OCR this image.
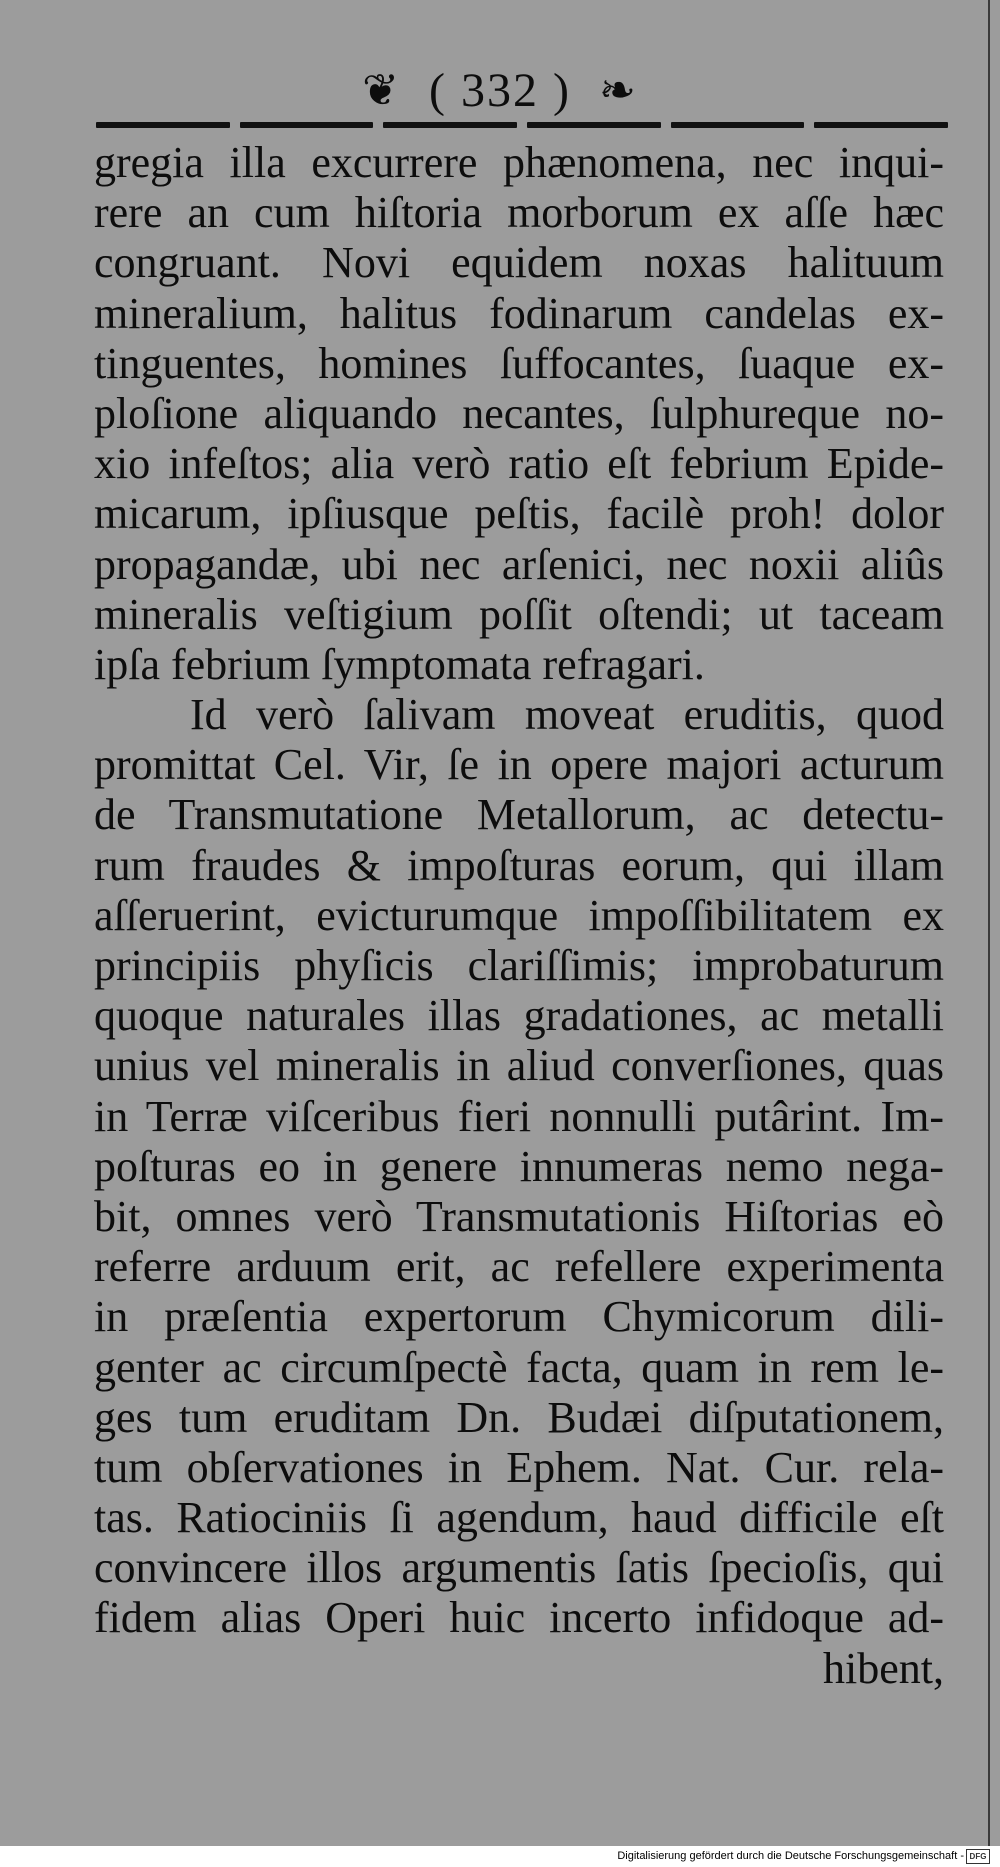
❦ ( 332 ) ❧
gregia illa excurrere phænomena, nec inqui-
rere an cum hiſtoria morborum ex aſſe hæc
congruant. Novi equidem noxas halituum
mineralium, halitus fodinarum candelas ex-
tinguentes, homines ſuffocantes, ſuaque ex-
ploſione aliquando necantes, ſulphureque no-
xio infeſtos; alia verò ratio eſt febrium Epide-
micarum, ipſiusque peſtis, facilè proh! dolor
propagandæ, ubi nec arſenici, nec noxii aliûs
mineralis veſtigium poſſit oſtendi; ut taceam
ipſa febrium ſymptomata refragari.
Id verò ſalivam moveat eruditis, quod
promittat Cel. Vir, ſe in opere majori acturum
de Transmutatione Metallorum, ac detectu-
rum fraudes & impoſturas eorum, qui illam
aſſeruerint, evicturumque impoſſibilitatem ex
principiis phyſicis clariſſimis; improbaturum
quoque naturales illas gradationes, ac metalli
unius vel mineralis in aliud converſiones, quas
in Terræ viſceribus fieri nonnulli putârint. Im-
poſturas eo in genere innumeras nemo nega-
bit, omnes verò Transmutationis Hiſtorias eò
referre arduum erit, ac refellere experimenta
in præſentia expertorum Chymicorum dili-
genter ac circumſpectè facta, quam in rem le-
ges tum eruditam Dn. Budæi diſputationem,
tum obſervationes in Ephem. Nat. Cur. rela-
tas. Ratiociniis ſi agendum, haud difficile eſt
convincere illos argumentis ſatis ſpecioſis, qui
fidem alias Operi huic incerto infidoque ad-
hibent,
Digitalisierung gefördert durch die Deutsche Forschungsgemeinschaft - DFG
